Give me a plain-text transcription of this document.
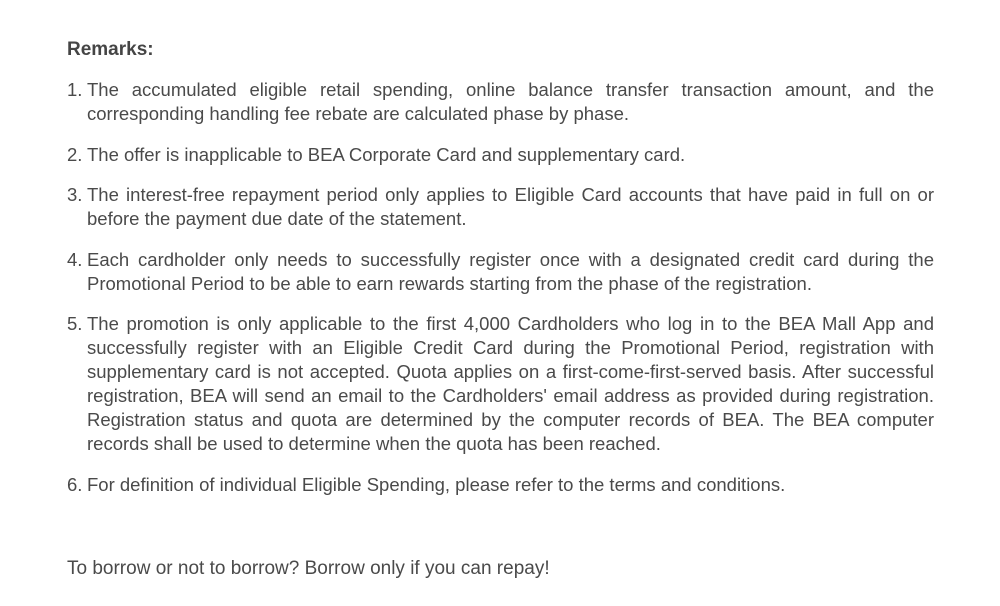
Remarks:
1. The accumulated eligible retail spending, online balance transfer transaction amount, and the corresponding handling fee rebate are calculated phase by phase.
2. The offer is inapplicable to BEA Corporate Card and supplementary card.
3. The interest-free repayment period only applies to Eligible Card accounts that have paid in full on or before the payment due date of the statement.
4. Each cardholder only needs to successfully register once with a designated credit card during the Promotional Period to be able to earn rewards starting from the phase of the registration.
5. The promotion is only applicable to the first 4,000 Cardholders who log in to the BEA Mall App and successfully register with an Eligible Credit Card during the Promotional Period, registration with supplementary card is not accepted. Quota applies on a first-come-first-served basis. After successful registration, BEA will send an email to the Cardholders' email address as provided during registration. Registration status and quota are determined by the computer records of BEA. The BEA computer records shall be used to determine when the quota has been reached.
6. For definition of individual Eligible Spending, please refer to the terms and conditions.
To borrow or not to borrow? Borrow only if you can repay!
